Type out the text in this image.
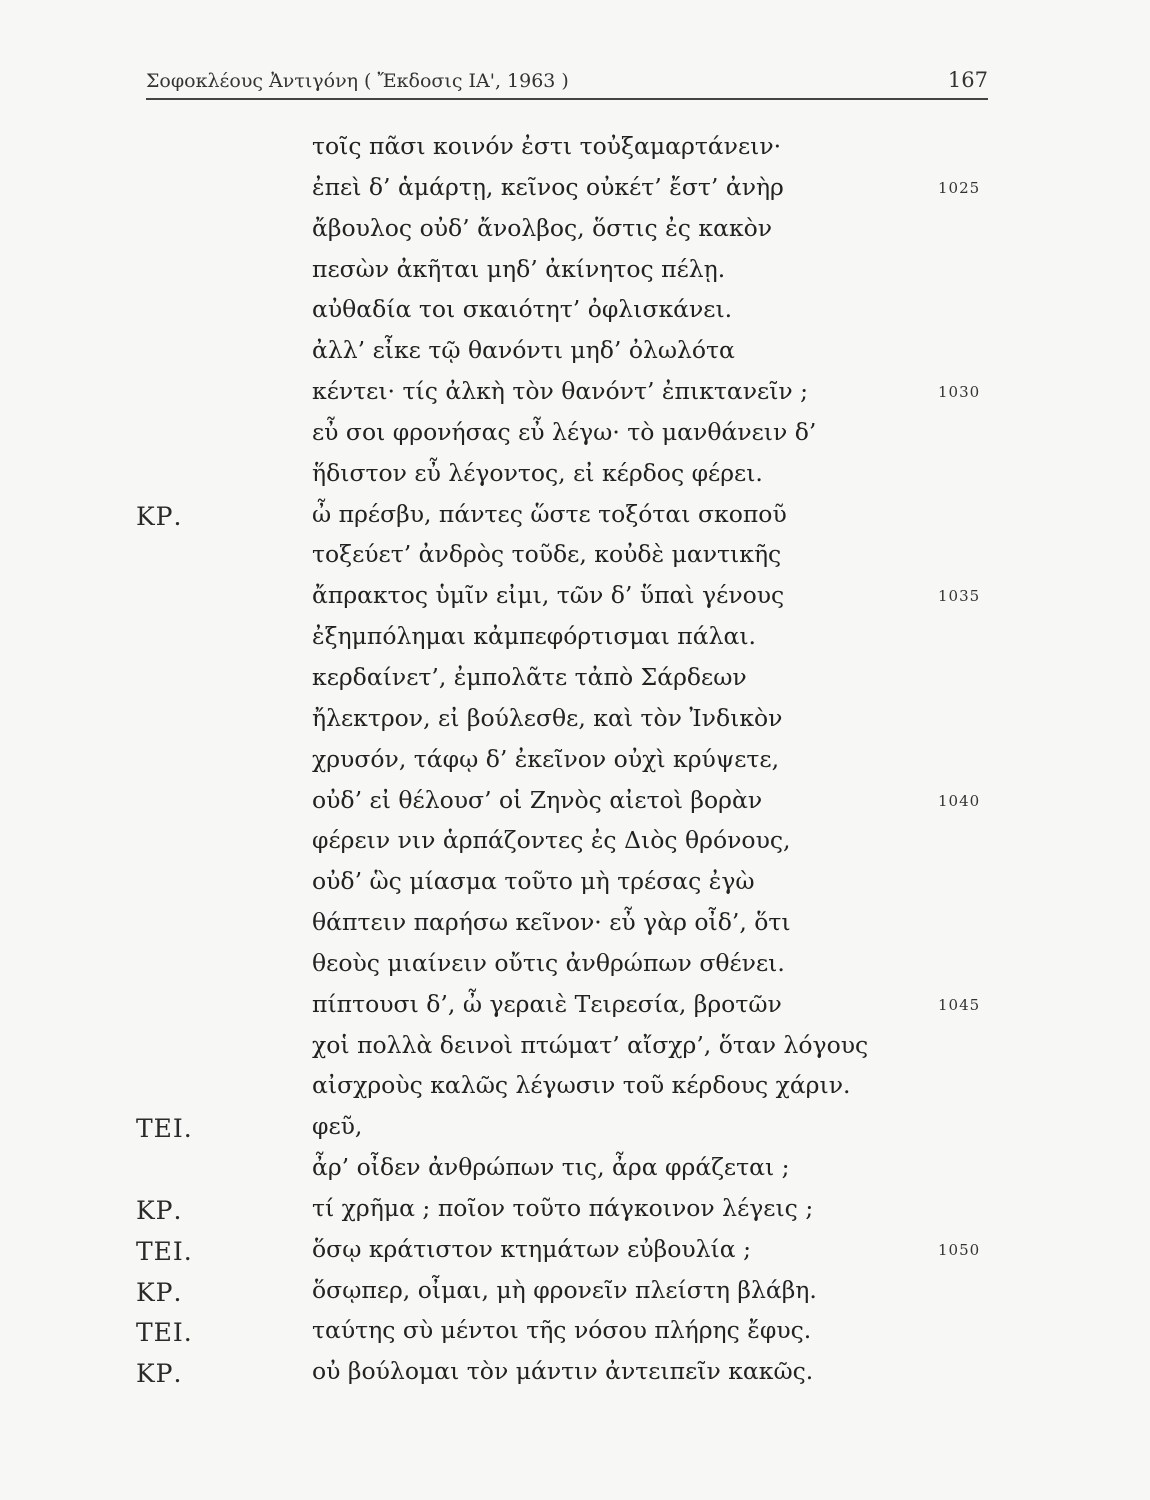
Σοφοκλέους Ἀντιγόνη ( Ἔκδοσις ΙΑ', 1963 )	167
τοῖς πᾶσι κοινόν ἐστι τοὐξαμαρτάνειν·
ἐπεὶ δ’ ἁμάρτῃ, κεῖνος οὐκέτ’ ἔστ’ ἀνὴρ	1025
ἄβουλος οὐδ’ ἄνολβος, ὅστις ἐς κακὸν
πεσὼν ἀκῆται μηδ’ ἀκίνητος πέλῃ.
αὐθαδία τοι σκαιότητ’ ὀφλισκάνει.
ἀλλ’ εἶκε τῷ θανόντι μηδ’ ὀλωλότα
κέντει· τίς ἀλκὴ τὸν θανόντ’ ἐπικτανεῖν ;	1030
εὖ σοι φρονήσας εὖ λέγω· τὸ μανθάνειν δ’
ἥδιστον εὖ λέγοντος, εἰ κέρδος φέρει.
ΚΡ.	ὦ πρέσβυ, πάντες ὥστε τοξόται σκοποῦ
τοξεύετ’ ἀνδρὸς τοῦδε, κοὐδὲ μαντικῆς
ἄπρακτος ὑμῖν εἰμι, τῶν δ’ ὕπαὶ γένους	1035
ἐξημπόλημαι κἀμπεφόρτισμαι πάλαι.
κερδαίνετ’, ἐμπολᾶτε τἀπὸ Σάρδεων
ἤλεκτρον, εἰ βούλεσθε, καὶ τὸν Ἰνδικὸν
χρυσόν, τάφῳ δ’ ἐκεῖνον οὐχὶ κρύψετε,
οὐδ’ εἰ θέλουσ’ οἱ Ζηνὸς αἰετοὶ βορὰν	1040
φέρειν νιν ἁρπάζοντες ἐς Διὸς θρόνους,
οὐδ’ ὣς μίασμα τοῦτο μὴ τρέσας ἐγὼ
θάπτειν παρήσω κεῖνον· εὖ γὰρ οἶδ’, ὅτι
θεοὺς μιαίνειν οὔτις ἀνθρώπων σθένει.
πίπτουσι δ’, ὦ γεραιὲ Τειρεσία, βροτῶν	1045
χοἱ πολλὰ δεινοὶ πτώματ’ αἴσχρ’, ὅταν λόγους
αἰσχροὺς καλῶς λέγωσιν τοῦ κέρδους χάριν.
ΤΕΙ.	φεῦ,
ἆρ’ οἶδεν ἀνθρώπων τις, ἆρα φράζεται ;
ΚΡ.	τί χρῆμα ; ποῖον τοῦτο πάγκοινον λέγεις ;
ΤΕΙ.	ὅσῳ κράτιστον κτημάτων εὐβουλία ;	1050
ΚΡ.	ὅσῳπερ, οἶμαι, μὴ φρονεῖν πλείστη βλάβη.
ΤΕΙ.	ταύτης σὺ μέντοι τῆς νόσου πλήρης ἔφυς.
ΚΡ.	οὐ βούλομαι τὸν μάντιν ἀντειπεῖν κακῶς.
